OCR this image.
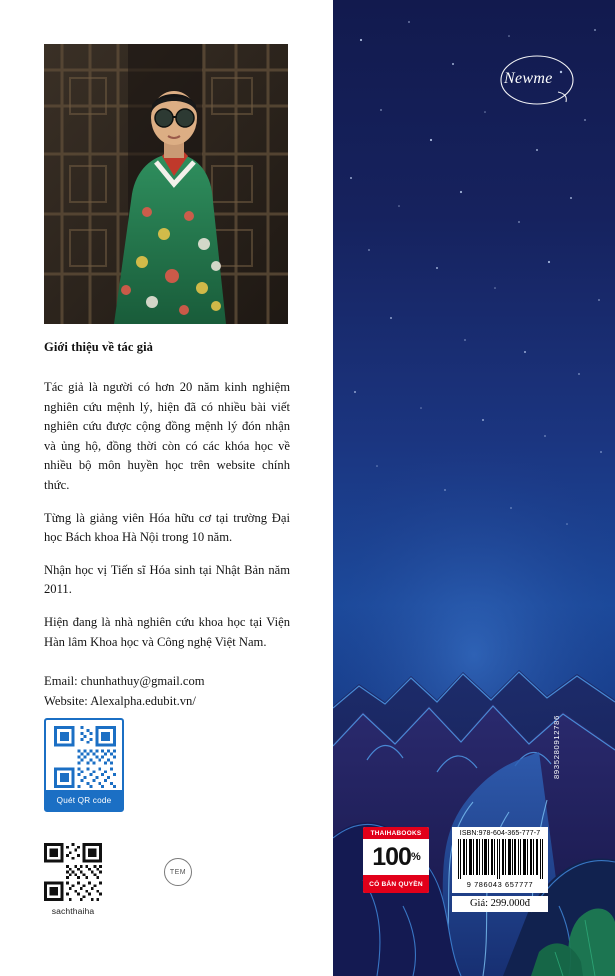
Giới thiệu về tác giả

Tác giả là người có hơn 20 năm kinh nghiệm nghiên cứu mệnh lý, hiện đã có nhiều bài viết nghiên cứu được cộng đồng mệnh lý đón nhận và ủng hộ, đồng thời còn có các khóa học về nhiều bộ môn huyền học trên website chính thức.

Từng là giảng viên Hóa hữu cơ tại trường Đại học Bách khoa Hà Nội trong 10 năm.

Nhận học vị Tiến sĩ Hóa sinh tại Nhật Bản năm 2011.

Hiện đang là nhà nghiên cứu khoa học tại Viện Hàn lâm Khoa học và Công nghệ Việt Nam.

Email: chunhathuy@gmail.com
Website: Alexalpha.edubit.vn/
Quét QR code
sachthaiha
TEM
Newme
THAIHABOOKS
100 %
CÓ BẢN QUYỀN
8935280912786
ISBN:978-604-365-777-7
9 786043 657777
Giá: 299.000đ
